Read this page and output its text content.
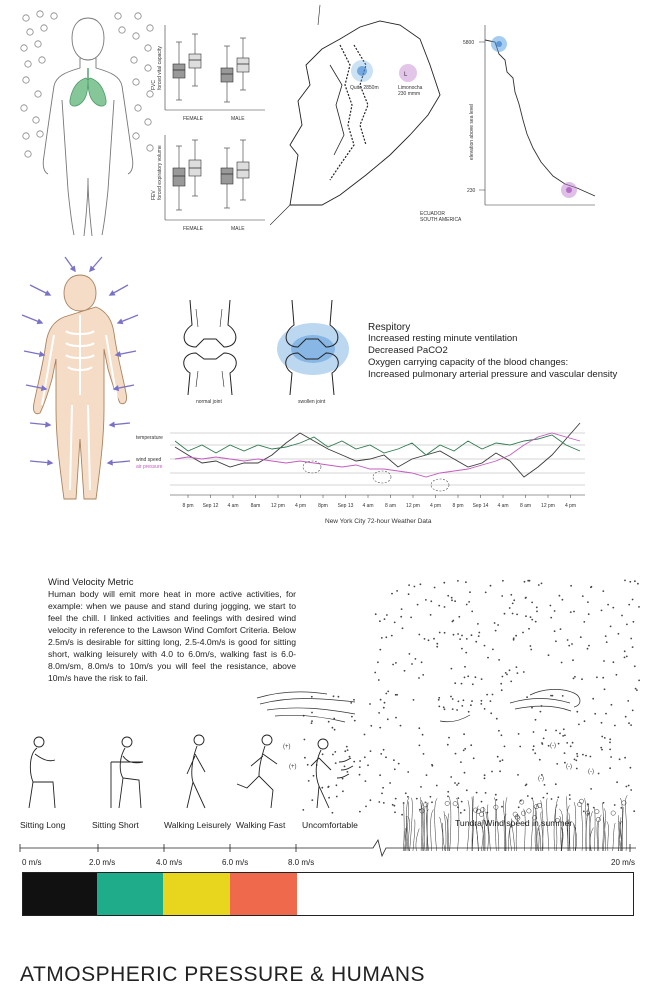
FVCforced vital capacity
FEMALE	MALE
FEVforced expiratory volume
FEMALE	MALE
L
Quito 2850m	Limonocha 230 mmm
ECUADOR SOUTH AMERICA
elevation above sea level
5800
230
normal joint	swollen joint
Respitory
Increased resting minute ventilation
Decreased PaCO2
Oxygen carrying capacity of the blood changes:
Increased pulmonary arterial pressure and vascular density
temperature
wind speed
air pressure
8 pm Sep 12 4 am 8am 12 pm 4 pm 8pm Sep 13 4 am 8 am 12 pm 4 pm 8 pm Sep 14 4 am 8 am 12 pm 4 pm
New York City 72-hour Weather Data
Wind Velocity Metric
Human body will emit more heat in more active activities, for example: when we pause and stand during jogging, we start to feel the chill. I linked activities and feelings with desired wind velocity in reference to the Lawson Wind Comfort Criteria. Below 2.5m/s is desirable for sitting long, 2.5-4.0m/s is good for sitting short, walking leisurely with 4.0 to 6.0m/s, walking fast is 6.0-8.0m/sm, 8.0m/s to 10m/s you will feel the resistance, above 10m/s have the risk to fail.
(-)
(-)
(-)
(-)
(+)
(+)
Sitting Long	Sitting Short	Walking Leisurely Walking Fast Uncomfortable	Tundra Wind speed in summer
0 m/s	2.0 m/s	4.0 m/s	6.0 m/s	8.0 m/s	20 m/s
ATMOSPHERIC PRESSURE & HUMANS
